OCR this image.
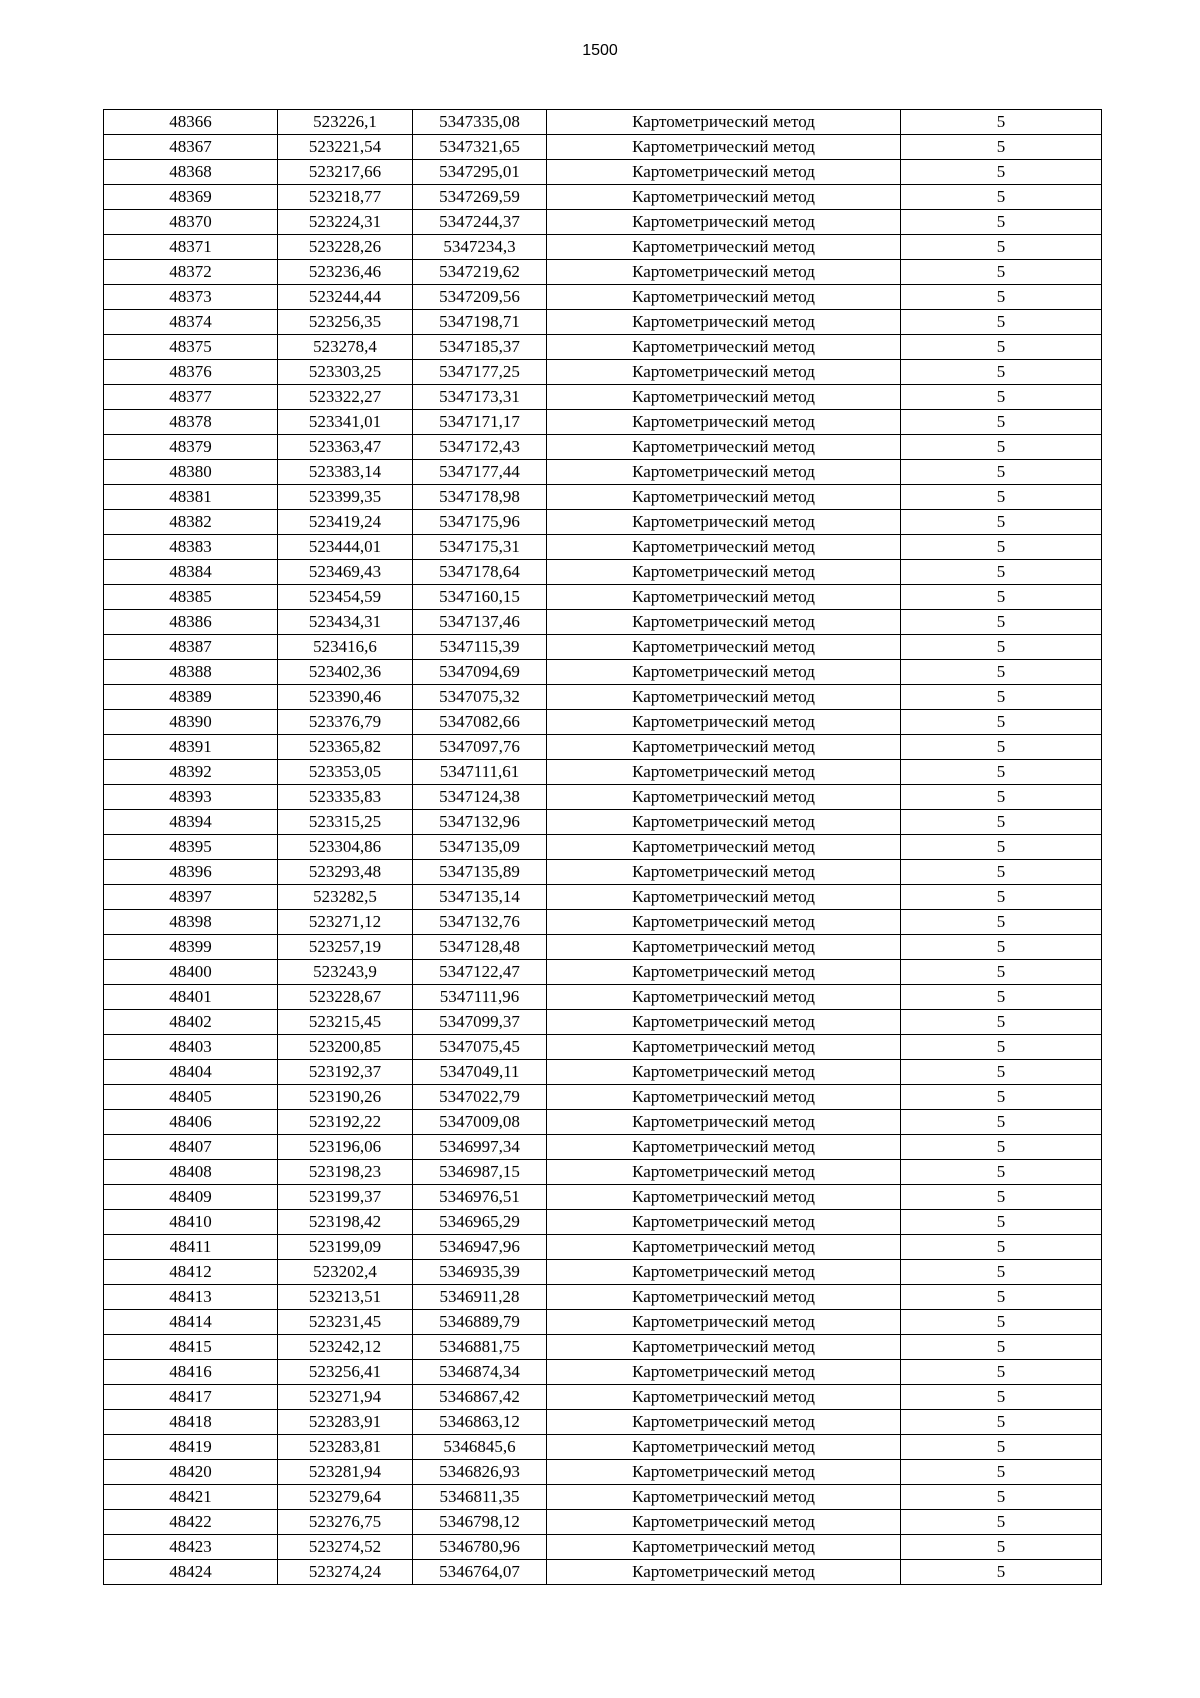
1500
48366	523226,1	5347335,08	Картометрический метод	5
48367	523221,54	5347321,65	Картометрический метод	5
48368	523217,66	5347295,01	Картометрический метод	5
48369	523218,77	5347269,59	Картометрический метод	5
48370	523224,31	5347244,37	Картометрический метод	5
48371	523228,26	5347234,3	Картометрический метод	5
48372	523236,46	5347219,62	Картометрический метод	5
48373	523244,44	5347209,56	Картометрический метод	5
48374	523256,35	5347198,71	Картометрический метод	5
48375	523278,4	5347185,37	Картометрический метод	5
48376	523303,25	5347177,25	Картометрический метод	5
48377	523322,27	5347173,31	Картометрический метод	5
48378	523341,01	5347171,17	Картометрический метод	5
48379	523363,47	5347172,43	Картометрический метод	5
48380	523383,14	5347177,44	Картометрический метод	5
48381	523399,35	5347178,98	Картометрический метод	5
48382	523419,24	5347175,96	Картометрический метод	5
48383	523444,01	5347175,31	Картометрический метод	5
48384	523469,43	5347178,64	Картометрический метод	5
48385	523454,59	5347160,15	Картометрический метод	5
48386	523434,31	5347137,46	Картометрический метод	5
48387	523416,6	5347115,39	Картометрический метод	5
48388	523402,36	5347094,69	Картометрический метод	5
48389	523390,46	5347075,32	Картометрический метод	5
48390	523376,79	5347082,66	Картометрический метод	5
48391	523365,82	5347097,76	Картометрический метод	5
48392	523353,05	5347111,61	Картометрический метод	5
48393	523335,83	5347124,38	Картометрический метод	5
48394	523315,25	5347132,96	Картометрический метод	5
48395	523304,86	5347135,09	Картометрический метод	5
48396	523293,48	5347135,89	Картометрический метод	5
48397	523282,5	5347135,14	Картометрический метод	5
48398	523271,12	5347132,76	Картометрический метод	5
48399	523257,19	5347128,48	Картометрический метод	5
48400	523243,9	5347122,47	Картометрический метод	5
48401	523228,67	5347111,96	Картометрический метод	5
48402	523215,45	5347099,37	Картометрический метод	5
48403	523200,85	5347075,45	Картометрический метод	5
48404	523192,37	5347049,11	Картометрический метод	5
48405	523190,26	5347022,79	Картометрический метод	5
48406	523192,22	5347009,08	Картометрический метод	5
48407	523196,06	5346997,34	Картометрический метод	5
48408	523198,23	5346987,15	Картометрический метод	5
48409	523199,37	5346976,51	Картометрический метод	5
48410	523198,42	5346965,29	Картометрический метод	5
48411	523199,09	5346947,96	Картометрический метод	5
48412	523202,4	5346935,39	Картометрический метод	5
48413	523213,51	5346911,28	Картометрический метод	5
48414	523231,45	5346889,79	Картометрический метод	5
48415	523242,12	5346881,75	Картометрический метод	5
48416	523256,41	5346874,34	Картометрический метод	5
48417	523271,94	5346867,42	Картометрический метод	5
48418	523283,91	5346863,12	Картометрический метод	5
48419	523283,81	5346845,6	Картометрический метод	5
48420	523281,94	5346826,93	Картометрический метод	5
48421	523279,64	5346811,35	Картометрический метод	5
48422	523276,75	5346798,12	Картометрический метод	5
48423	523274,52	5346780,96	Картометрический метод	5
48424	523274,24	5346764,07	Картометрический метод	5
